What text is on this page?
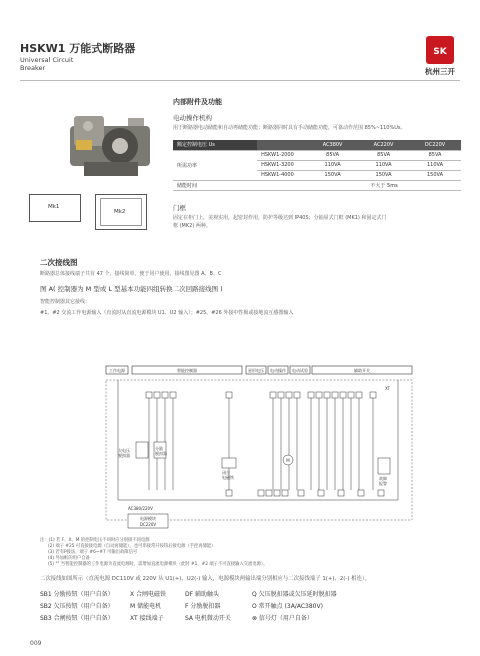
HSKW1 万能式断路器
Universal Circuit
Breaker
SK
杭州三开
内部附件及功能
电动操作机构
用于断路器电动储能和自动再储能功能；断路器同时具有手动储能功能，可靠动作范围 85%~110%Us。
额定控制电压 Us		AC380V	AC220V	DC220V
所需功率	HSKW1-2000	85VA	85VA	85VA
	HSKW1-3200	110VA	110VA	110VA
	HSKW1-4000	150VA	150VA	150VA
储能时间		不大于 5ms		
Mk1
Mk2	门框
固定在柜门上，美观实用，起密封作用，防护等级达到 IP40S；分抽屉式门框 (MK1) 和固定式门
框 (MK2) 两种。
二次接线图
断路器总体接线端子共有 47 个，接线简单，便于用户使用，接线图见图 A、B、C
图 A( 控制器为 M 型或 L 型基本功能四组转换二次回路接线图 )
智能控制器其它接线：
#1、#2 交流工作电源输入（直流时从直流电源模块 U1、U2 输入）；#25、#26 外接中性极或接地流互感器输入
工作电源	智能控制器	星形电压 电动操作 电动试验	辅助开关
M
欠电压
脱扣器
分励
脱扣器
闭合
电磁铁	故障
报警
XT
AC380/220V
电源模块
DC220V
注：(1) 若 F、X、M 的控制电压不同时应分别接不同电源
(2) 端子 #25 可直接接电源（自动再储能），也可串接常开按钮后接电源（手控再储能）
(3) 若有P接法，端子 #6~#7 可输出故障信号
(4) 外加框的用户自备
(5) "" 当智能控制器的工作电源为直流电源时，需增加直流电源模块（此时 #1，#2 端子不可直接输入交流电源）。
二次接线如图所示（直流电源 DC110V 或 220V 从 U1(+)、U2(-) 输入，电源模块两输出端分别相应与二次接线端子 1(+)、2(-) 相连）。
SB1 分励按钮（用户自备）	X 合闸电磁铁	DF 辅助触头	Q 欠压脱扣器或欠压延时脱扣器
SB2 欠压按钮（用户自备）	M 储能电机	F 分励脱扣器	O 常开触点 (3A/AC380V)
SB3 合闸按钮（用户自备）	XT 接线端子	SA 电机微动开关	⊗ 信号灯（用户自备）
009
